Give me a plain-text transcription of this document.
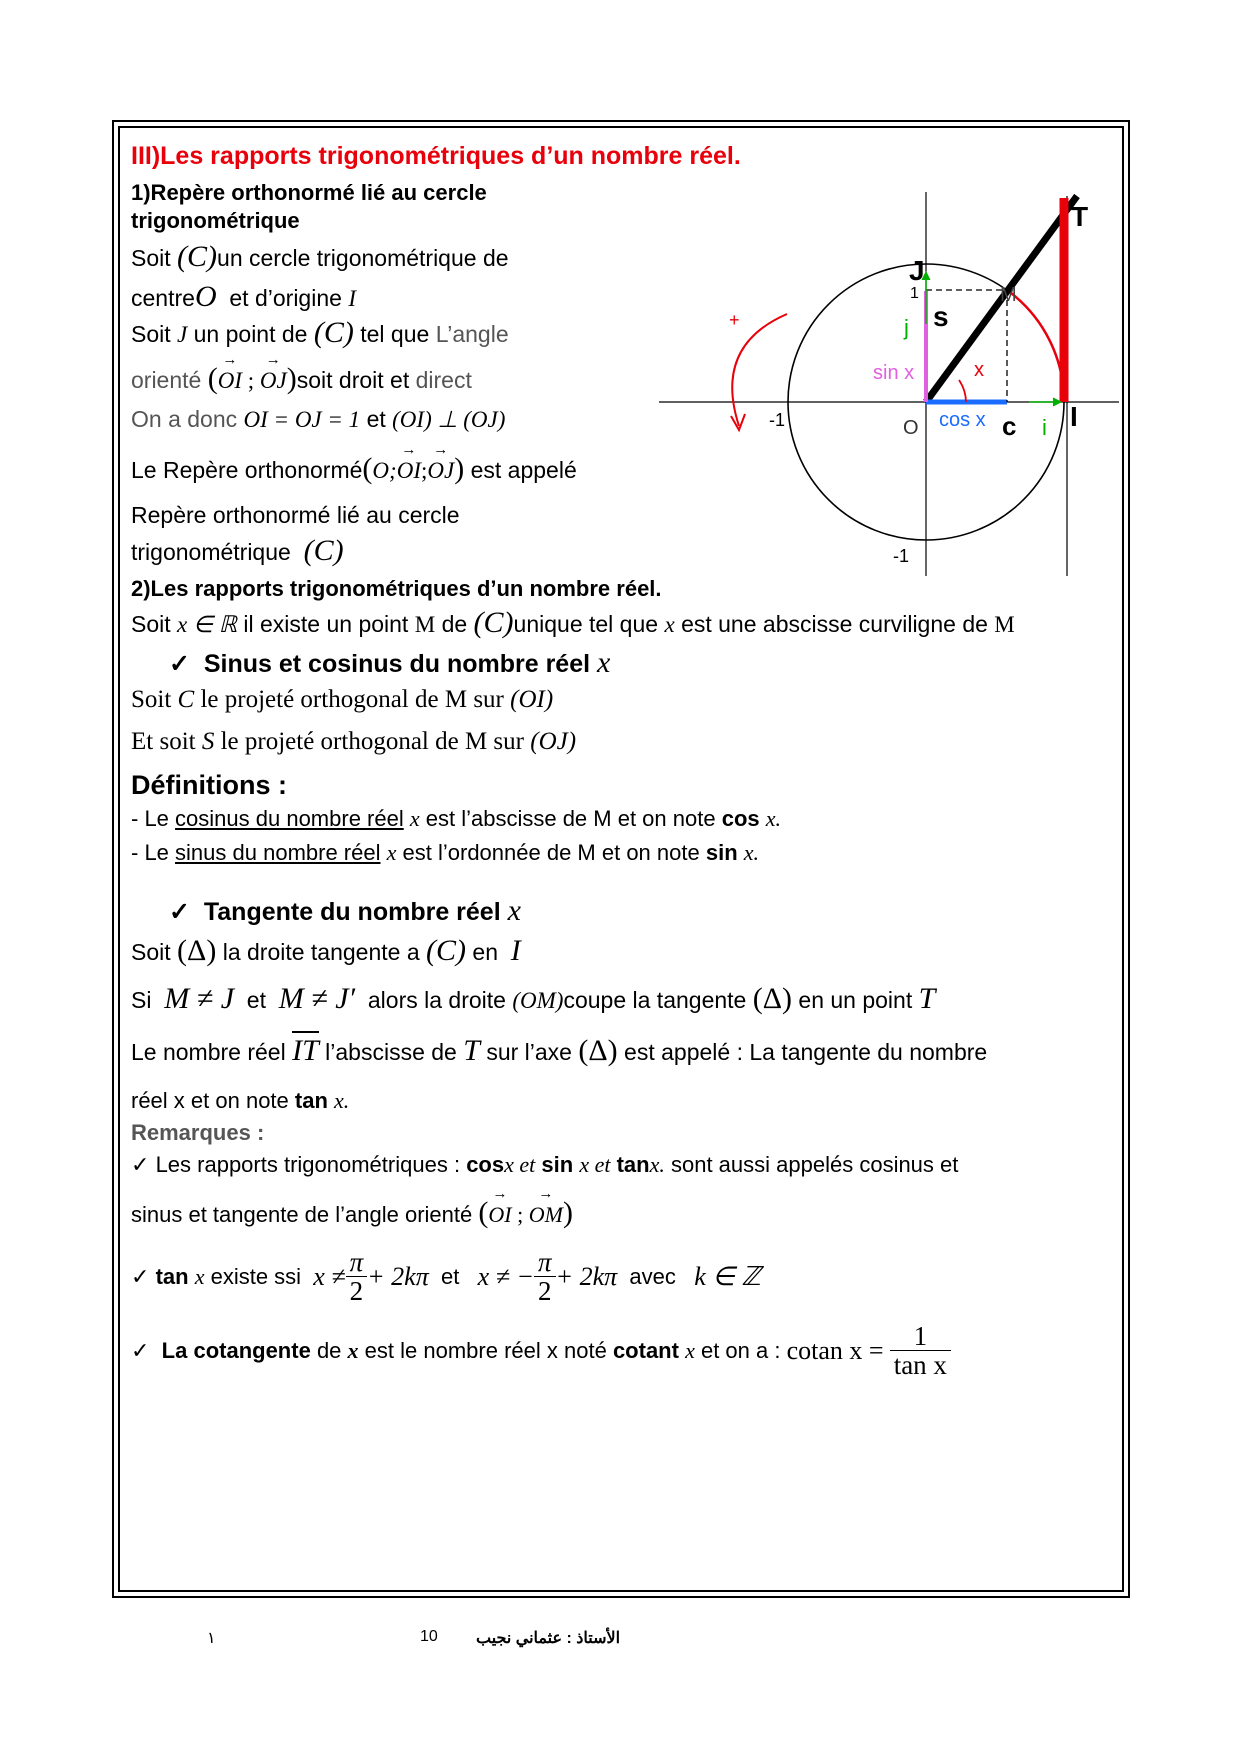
III)Les rapports trigonométriques d’un nombre réel.
1)Repère orthonormé lié au cercle
trigonométrique
Soit (C)un cercle trigonométrique de
centreO et d’origine I
Soit J un point de (C) tel que L’angle
orienté (→ OI ; → OJ)soit droit et direct
On a donc OI = OJ = 1 et (OI) ⊥ (OJ)
Le Repère orthonormé(O;→ OI;→ OJ) est appelé
Repère orthonormé lié au cercle
trigonométrique (C)
T
J
1	M
s
j
+
sin x	x
-1	O cos x c i I
-1
2)Les rapports trigonométriques d’un nombre réel.
Soit x ∈ ℝ il existe un point M de (C)unique tel que x est une abscisse curviligne de M
✓ Sinus et cosinus du nombre réel x
Soit C le projeté orthogonal de M sur (OI)
Et soit S le projeté orthogonal de M sur (OJ)
Définitions :
- Le cosinus du nombre réel x est l’abscisse de M et on note cos x.
- Le sinus du nombre réel x est l’ordonnée de M et on note sin x.
✓ Tangente du nombre réel x
Soit (Δ) la droite tangente a (C) en I
Si M ≠ J et M ≠ J′ alors la droite (OM)coupe la tangente (Δ) en un point T
Le nombre réel IT l’abscisse de T sur l’axe (Δ) est appelé : La tangente du nombre
réel x et on note tan x.
Remarques :
✓ Les rapports trigonométriques : cosx et sin x et tanx. sont aussi appelés cosinus et
sinus et tangente de l’angle orienté (→ OI ; → OM)
✓
tan
x
existe ssi
$x \ne \frac{\pi}{2} + 2k\pi$
et
x ≠ − $\frac{\pi}{2} + 2k\pi$
avec
k ∈ ℤ
✓
La cotangente
de
x
est le nombre réel x noté
cotant
x
et on a :
cotan x =
$\frac{1}{\text{tan x}}$
١	10 الأستاذ : عثماني نجيب
